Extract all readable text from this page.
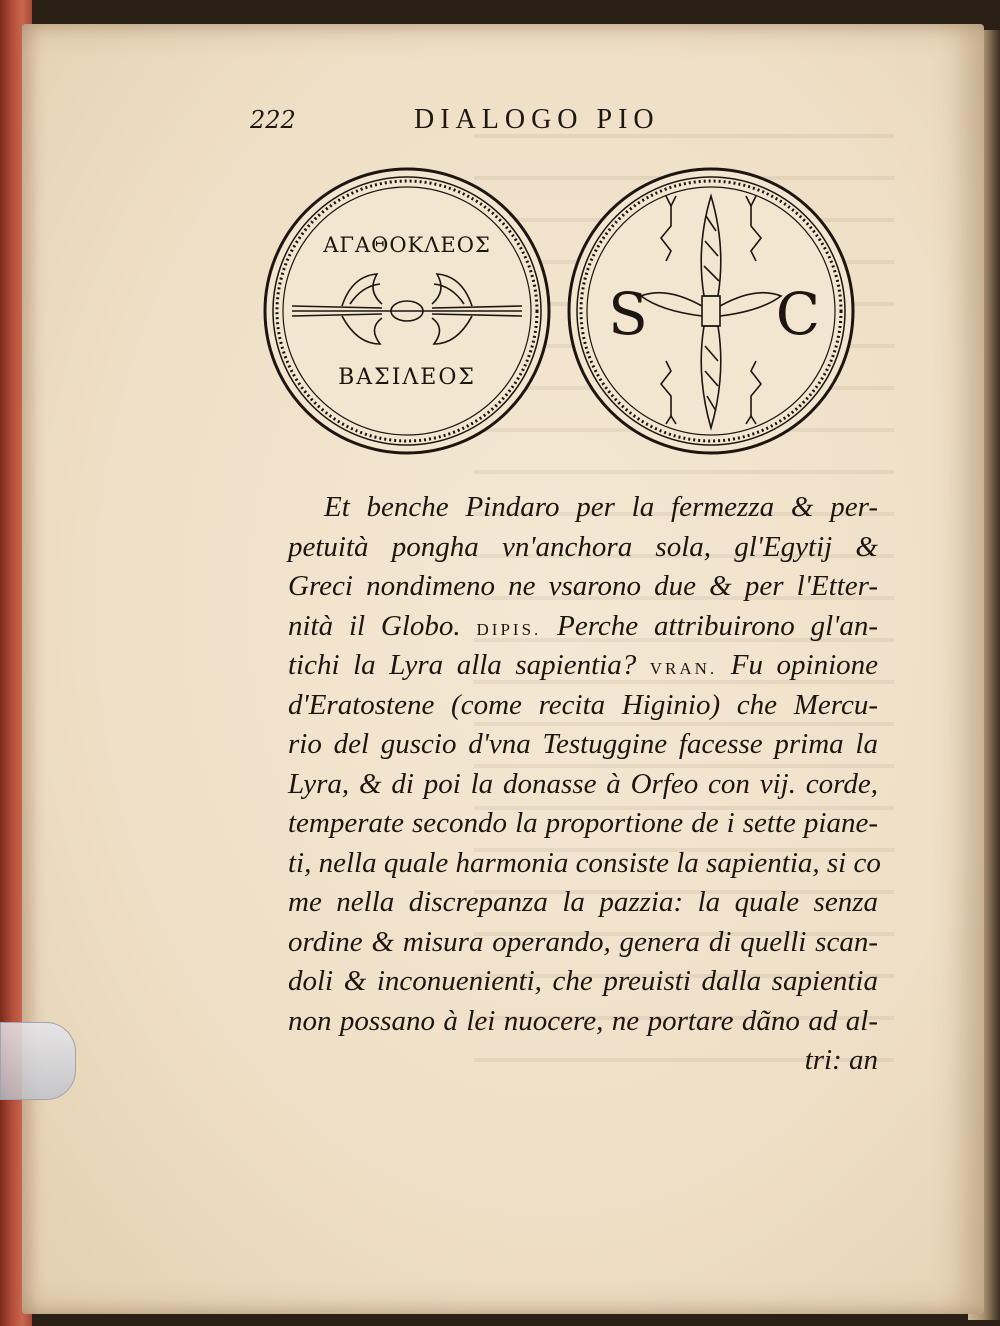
222	DIALOGO PIO
ΑΓΑΘΟΚΛΕΟΣ
ΒΑΣΙΛΕΟΣ
S C
Et benche Pindaro per la fermezza & per-
petuità pongha vn'anchora sola, gl'Egytij &
Greci nondimeno ne vsarono due & per l'Etter-
nità il Globo. DIPIS. Perche attribuirono gl'an-
tichi la Lyra alla sapientia? VRAN. Fu opinione
d'Eratostene (come recita Higinio) che Mercu-
rio del guscio d'vna Testuggine facesse prima la
Lyra, & di poi la donasse à Orfeo con vij. corde,
temperate secondo la proportione de i sette piane-
ti, nella quale harmonia consiste la sapientia, si co
me nella discrepanza la pazzia: la quale senza
ordine & misura operando, genera di quelli scan-
doli & inconuenienti, che preuisti dalla sapientia
non possano à lei nuocere, ne portare dãno ad al-
tri: an
